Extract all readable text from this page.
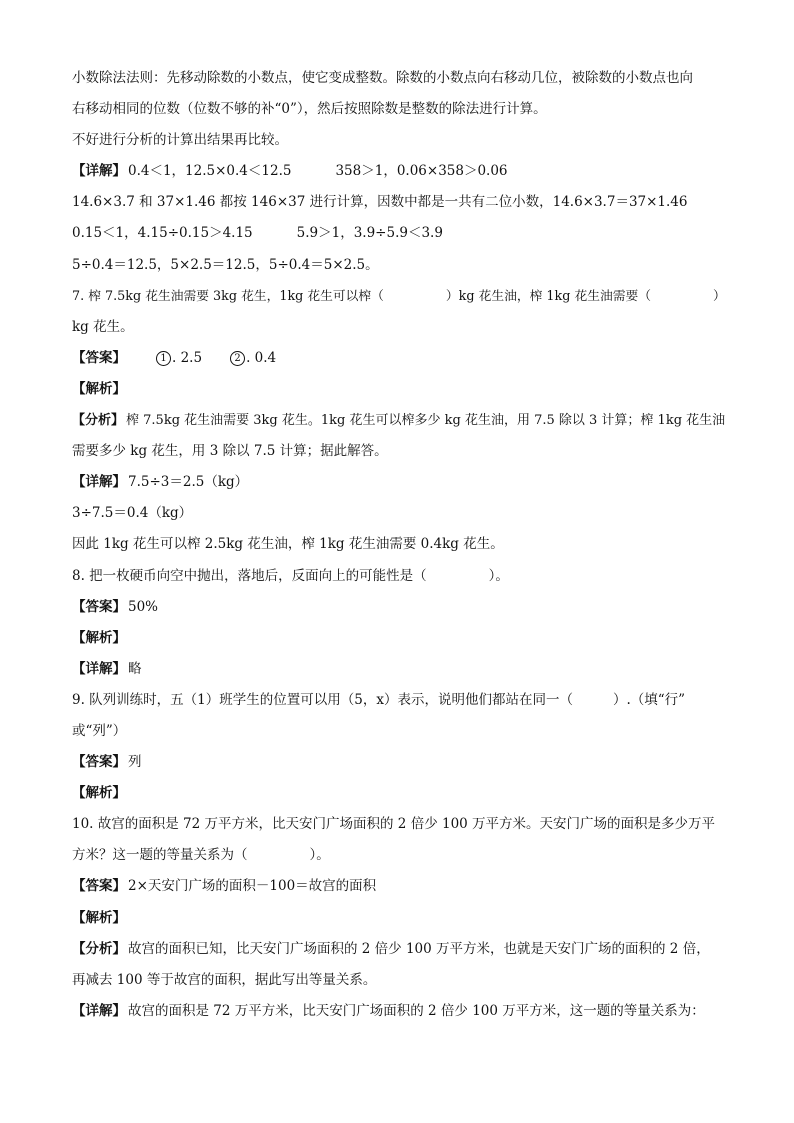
小数除法法则：先移动除数的小数点，使它变成整数。除数的小数点向右移动几位，被除数的小数点也向
右移动相同的位数（位数不够的补“0”），然后按照除数是整数的除法进行计算。
不好进行分析的计算出结果再比较。
【详解】 0.4＜1，12.5×0.4＜12.5	358＞1，0.06×358＞0.06
14.6×3.7 和 37×1.46 都按 146×37 进行计算，因数中都是一共有二位小数，14.6×3.7＝37×1.46
0.15＜1，4.15÷0.15＞4.15	5.9＞1，3.9÷5.9＜3.9
5÷0.4＝12.5，5×2.5＝12.5，5÷0.4＝5×2.5。
7. 榨 7.5kg 花生油需要 3kg 花生，1kg 花生可以榨（	）kg 花生油，榨 1kg 花生油需要（	）
kg 花生。
【答案】	1 . 2.5	2 . 0.4
【解析】
【分析】 榨 7.5kg 花生油需要 3kg 花生。1kg 花生可以榨多少 kg 花生油，用 7.5 除以 3 计算；榨 1kg 花生油
需要多少 kg 花生，用 3 除以 7.5 计算；据此解答。
【详解】 7.5÷3＝2.5（kg）
3÷7.5＝0.4（kg）
因此 1kg 花生可以榨 2.5kg 花生油，榨 1kg 花生油需要 0.4kg 花生。
8. 把一枚硬币向空中抛出，落地后，反面向上的可能性是（	）。
【答案】 50%
【解析】
【详解】 略
9. 队列训练时，五（1）班学生的位置可以用（5，x）表示，说明他们都站在同一（	）.（填“行”
或“列”）
【答案】 列
【解析】
10. 故宫的面积是 72 万平方米，比天安门广场面积的 2 倍少 100 万平方米。天安门广场的面积是多少万平
方米？这一题的等量关系为（	）。
【答案】 2×天安门广场的面积－100＝故宫的面积
【解析】
【分析】 故宫的面积已知，比天安门广场面积的 2 倍少 100 万平方米，也就是天安门广场的面积的 2 倍，
再减去 100 等于故宫的面积，据此写出等量关系。
【详解】 故宫的面积是 72 万平方米，比天安门广场面积的 2 倍少 100 万平方米，这一题的等量关系为：
